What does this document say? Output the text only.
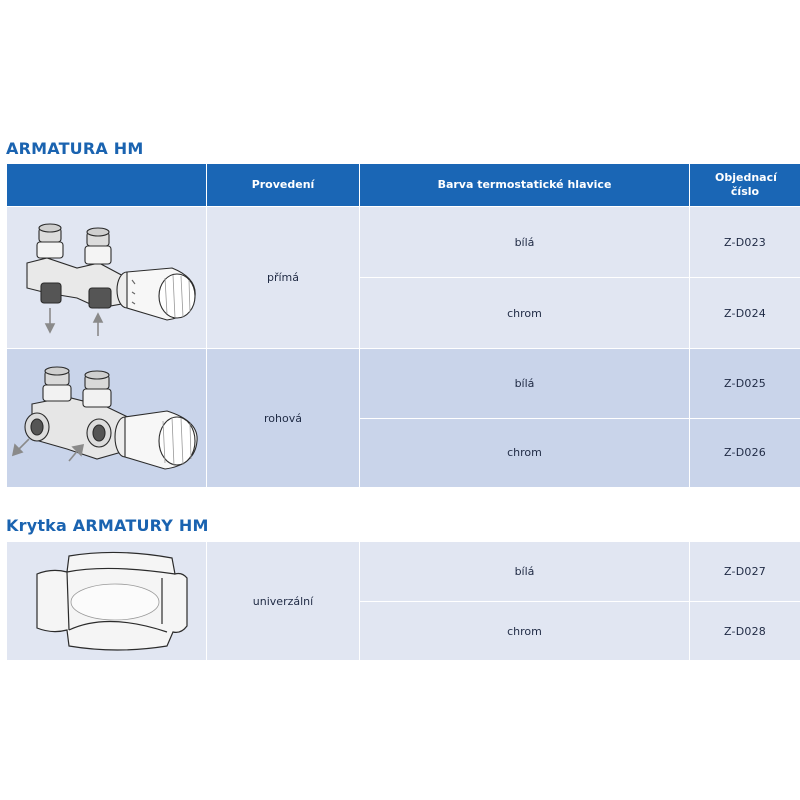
ARMATURA HM
	Provedení	Barva termostatické hlavice	Objednací číslo

	přímá	bílá	Z-D023
		chrom	Z-D024

	rohová	bílá	Z-D025
		chrom	Z-D026
Krytka ARMATURY HM
	univerzální	bílá	Z-D027
		chrom	Z-D028
